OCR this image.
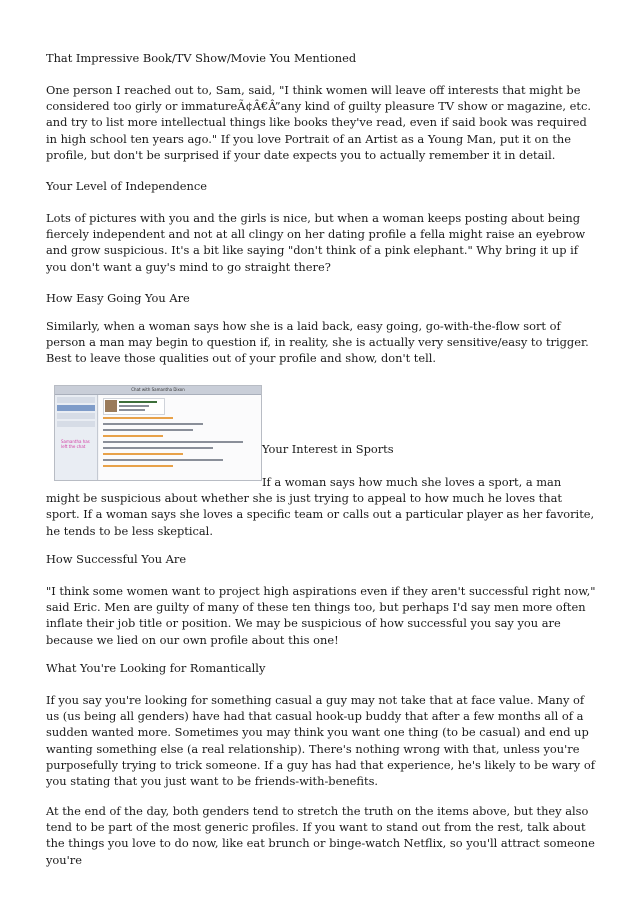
That Impressive Book/TV Show/Movie You Mentioned

One person I reached out to, Sam, said, "I think women will leave off interests that might be considered too girly or immatureÃ¢Â€Â”any kind of guilty pleasure TV show or magazine, etc. and try to list more intellectual things like books they've read, even if said book was required in high school ten years ago." If you love Portrait of an Artist as a Young Man, put it on the profile, but don't be surprised if your date expects you to actually remember it in detail.

Your Level of Independence

Lots of pictures with you and the girls is nice, but when a woman keeps posting about being fiercely independent and not at all clingy on her dating profile a fella might raise an eyebrow and grow suspicious. It's a bit like saying "don't think of a pink elephant." Why bring it up if you don't want a guy's mind to go straight there?

How Easy Going You Are

Similarly, when a woman says how she is a laid back, easy going, go-with-the-flow sort of person a man may begin to question if, in reality, she is actually very sensitive/easy to trigger. Best to leave those qualities out of your profile and show, don't tell.

Chat with Samantha Dixon
Samantha has left the chat	Your Interest in Sports

If a woman says how much she loves a sport, a man might be suspicious about whether she is just trying to appeal to how much he loves that sport. If a woman says she loves a specific team or calls out a particular player as her favorite, he tends to be less skeptical.

How Successful You Are

"I think some women want to project high aspirations even if they aren't successful right now," said Eric. Men are guilty of many of these ten things too, but perhaps I'd say men more often inflate their job title or position. We may be suspicious of how successful you say you are because we lied on our own profile about this one!

What You're Looking for Romantically

If you say you're looking for something casual a guy may not take that at face value. Many of us (us being all genders) have had that casual hook-up buddy that after a few months all of a sudden wanted more. Sometimes you may think you want one thing (to be casual) and end up wanting something else (a real relationship). There's nothing wrong with that, unless you're purposefully trying to trick someone. If a guy has had that experience, he's likely to be wary of you stating that you just want to be friends-with-benefits.

At the end of the day, both genders tend to stretch the truth on the items above, but they also tend to be part of the most generic profiles. If you want to stand out from the rest, talk about the things you love to do now, like eat brunch or binge-watch Netflix, so you'll attract someone you're
